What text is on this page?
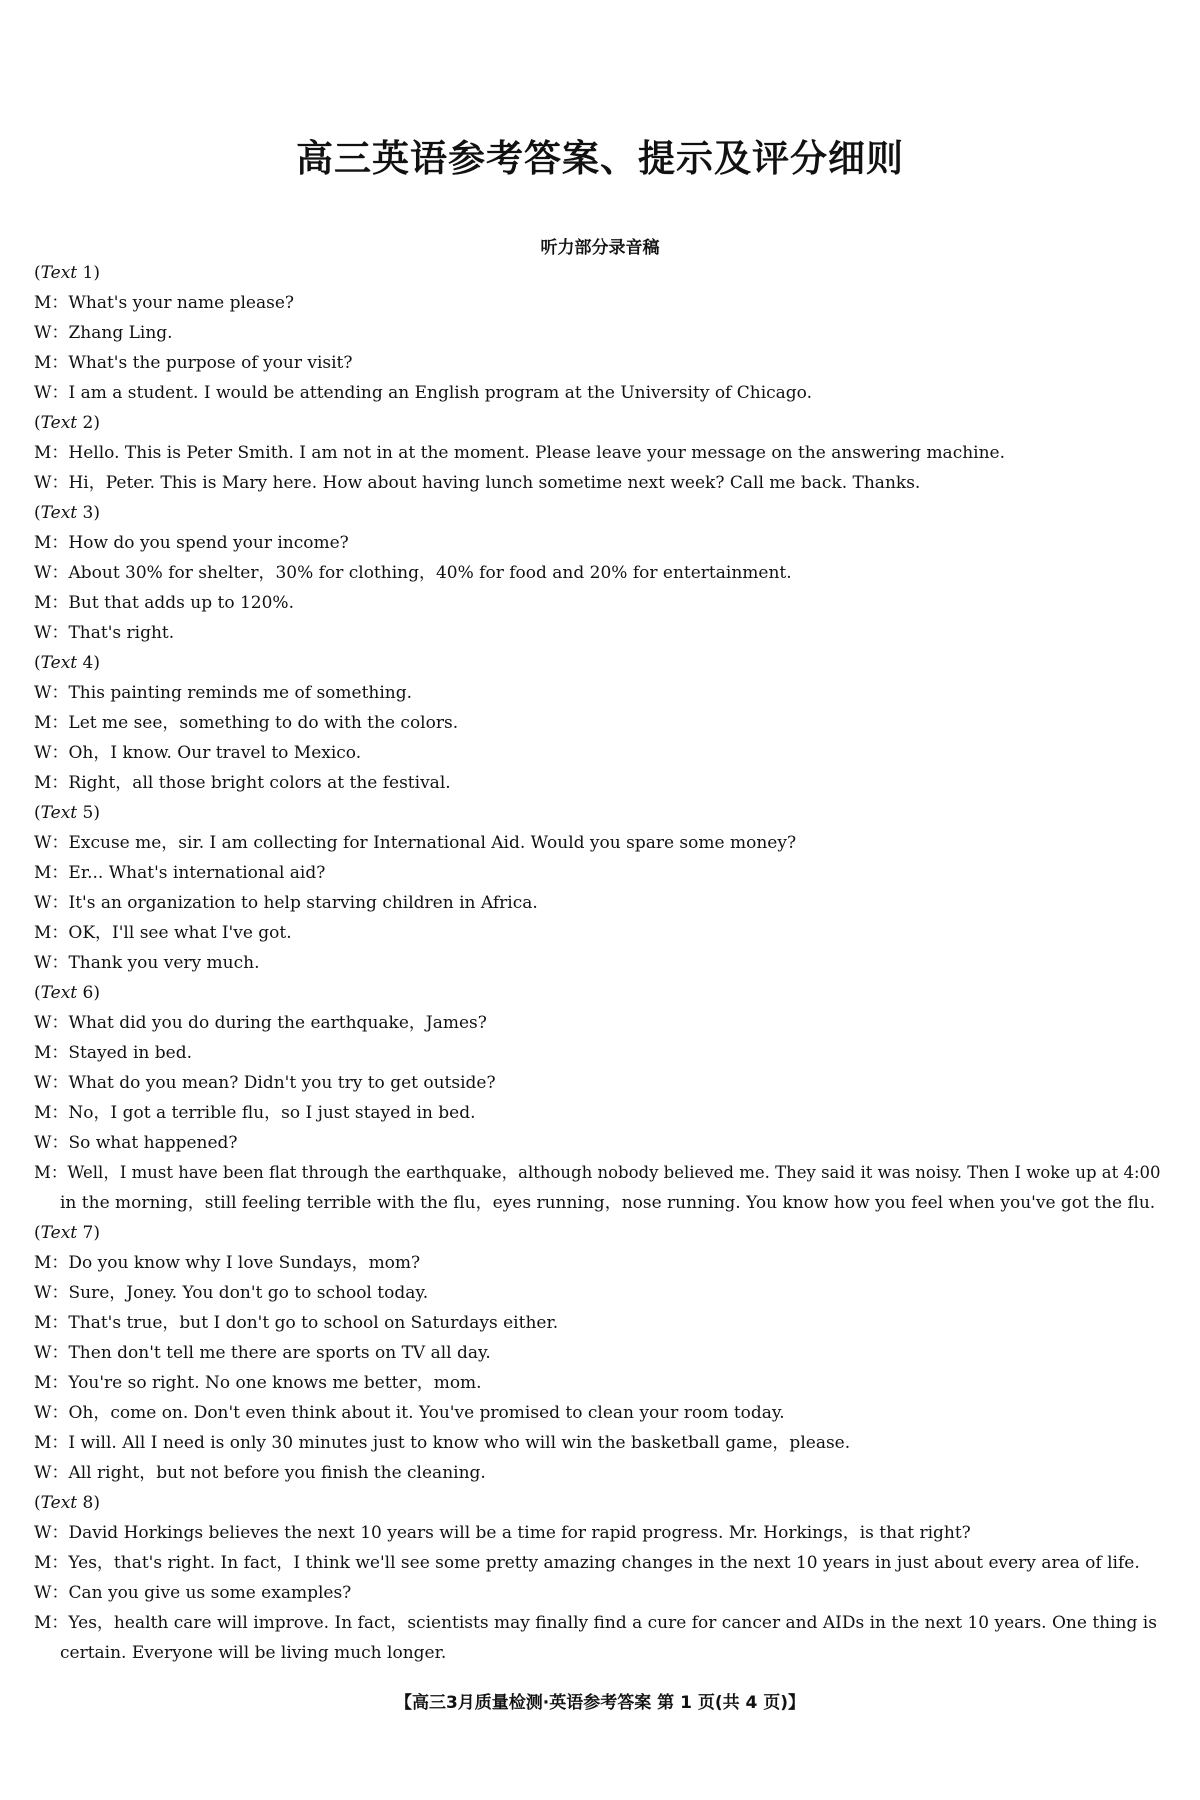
高三英语参考答案、提示及评分细则
听力部分录音稿
(Text 1)
M：What's your name please?
W：Zhang Ling.
M：What's the purpose of your visit?
W：I am a student. I would be attending an English program at the University of Chicago.
(Text 2)
M：Hello. This is Peter Smith. I am not in at the moment. Please leave your message on the answering machine.
W：Hi，Peter. This is Mary here. How about having lunch sometime next week? Call me back. Thanks.
(Text 3)
M：How do you spend your income?
W：About 30% for shelter，30% for clothing，40% for food and 20% for entertainment.
M：But that adds up to 120%.
W：That's right.
(Text 4)
W：This painting reminds me of something.
M：Let me see，something to do with the colors.
W：Oh，I know. Our travel to Mexico.
M：Right，all those bright colors at the festival.
(Text 5)
W：Excuse me，sir. I am collecting for International Aid. Would you spare some money?
M：Er... What's international aid?
W：It's an organization to help starving children in Africa.
M：OK，I'll see what I've got.
W：Thank you very much.
(Text 6)
W：What did you do during the earthquake，James?
M：Stayed in bed.
W：What do you mean? Didn't you try to get outside?
M：No，I got a terrible flu，so I just stayed in bed.
W：So what happened?
M：Well，I must have been flat through the earthquake，although nobody believed me. They said it was noisy. Then I woke up at 4:00
in the morning，still feeling terrible with the flu，eyes running，nose running. You know how you feel when you've got the flu.
(Text 7)
M：Do you know why I love Sundays，mom?
W：Sure，Joney. You don't go to school today.
M：That's true，but I don't go to school on Saturdays either.
W：Then don't tell me there are sports on TV all day.
M：You're so right. No one knows me better，mom.
W：Oh，come on. Don't even think about it. You've promised to clean your room today.
M：I will. All I need is only 30 minutes just to know who will win the basketball game，please.
W：All right，but not before you finish the cleaning.
(Text 8)
W：David Horkings believes the next 10 years will be a time for rapid progress. Mr. Horkings，is that right?
M：Yes，that's right. In fact，I think we'll see some pretty amazing changes in the next 10 years in just about every area of life.
W：Can you give us some examples?
M：Yes，health care will improve. In fact，scientists may finally find a cure for cancer and AIDs in the next 10 years. One thing is
certain. Everyone will be living much longer.
【高三3月质量检测·英语参考答案 第 1 页(共 4 页)】
